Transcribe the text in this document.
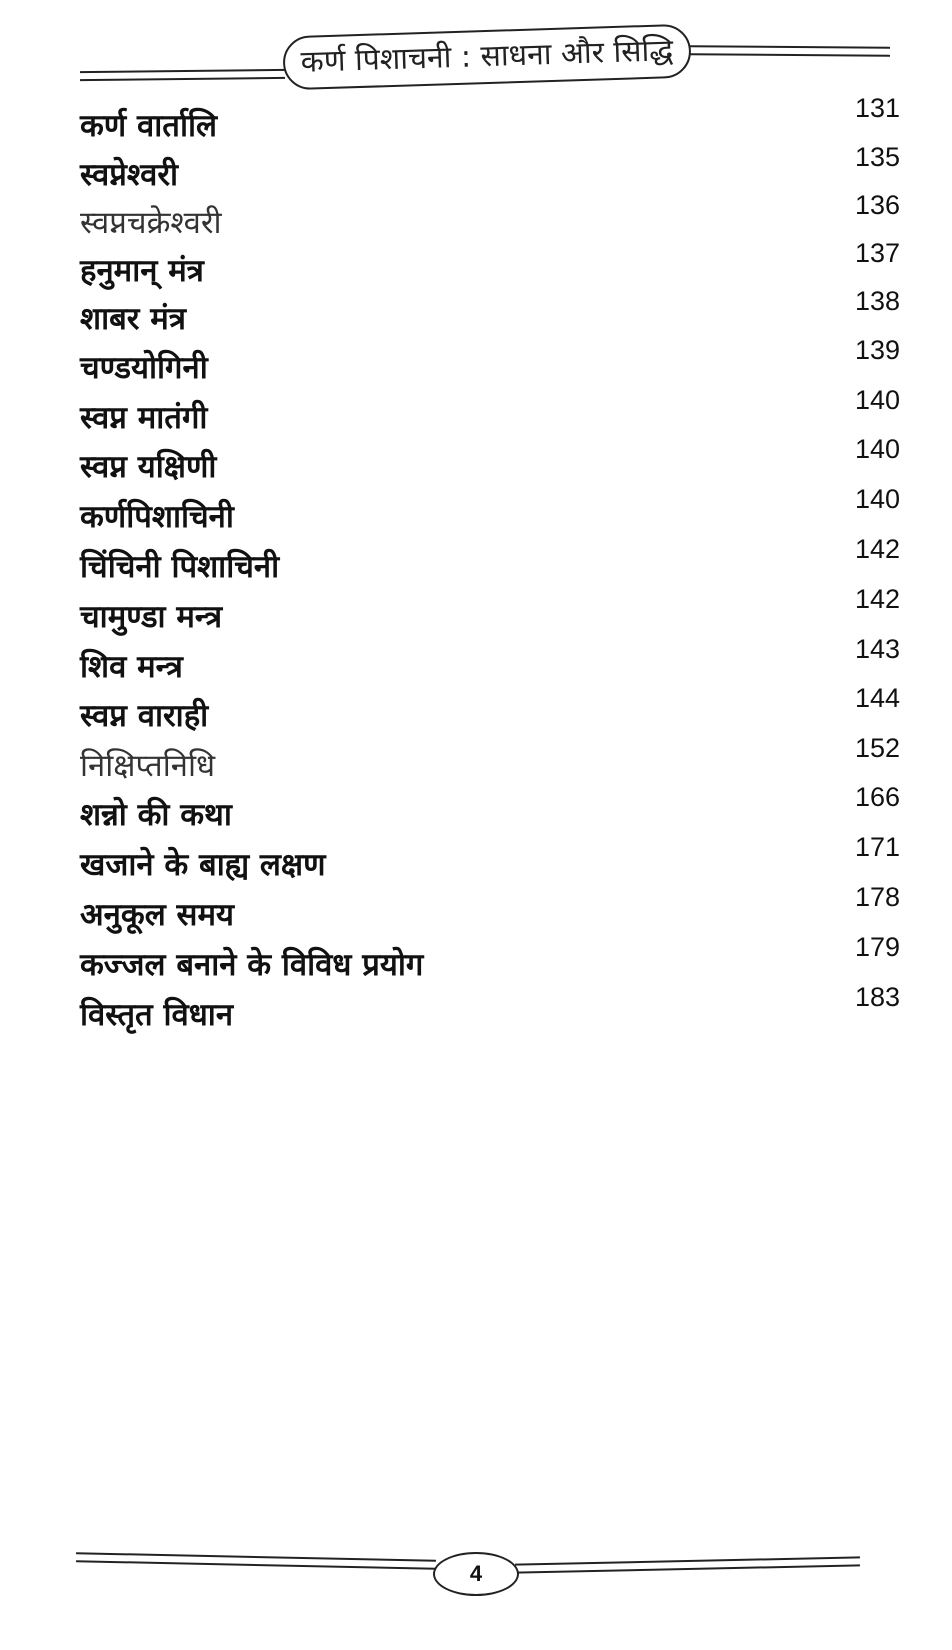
कर्ण पिशाचनी : साधना और सिद्धि
कर्ण वार्तालि	131
स्वप्नेश्वरी	135
स्वप्नचक्रेश्वरी	136
हनुमान् मंत्र	137
शाबर मंत्र	138
चण्डयोगिनी	139
स्वप्न मातंगी	140
स्वप्न यक्षिणी	140
कर्णपिशाचिनी	140
चिंचिनी पिशाचिनी	142
चामुण्डा मन्त्र	142
शिव मन्त्र	143
स्वप्न वाराही	144
निक्षिप्तनिधि	152
शन्नो की कथा	166
खजाने के बाह्य लक्षण	171
अनुकूल समय	178
कज्जल बनाने के विविध प्रयोग	179
विस्तृत विधान	183
4
